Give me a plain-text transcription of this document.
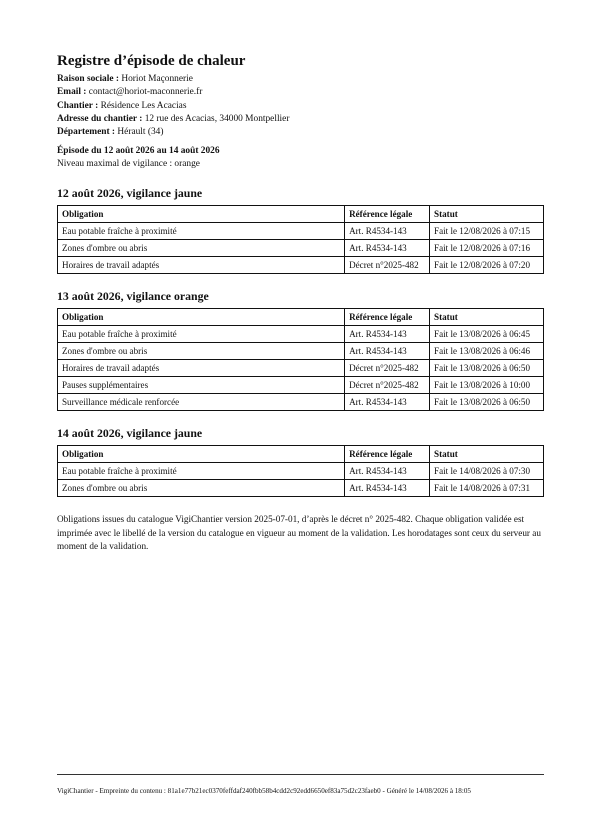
Registre d’épisode de chaleur
Raison sociale : Horiot Maçonnerie
Email : contact@horiot-maconnerie.fr
Chantier : Résidence Les Acacias
Adresse du chantier : 12 rue des Acacias, 34000 Montpellier
Département : Hérault (34)
Épisode du 12 août 2026 au 14 août 2026
Niveau maximal de vigilance : orange
12 août 2026, vigilance jaune
Obligation	Référence légale	Statut
Eau potable fraîche à proximité	Art. R4534-143	Fait le 12/08/2026 à 07:15
Zones d'ombre ou abris	Art. R4534-143	Fait le 12/08/2026 à 07:16
Horaires de travail adaptés	Décret n°2025-482	Fait le 12/08/2026 à 07:20
13 août 2026, vigilance orange
Obligation	Référence légale	Statut
Eau potable fraîche à proximité	Art. R4534-143	Fait le 13/08/2026 à 06:45
Zones d'ombre ou abris	Art. R4534-143	Fait le 13/08/2026 à 06:46
Horaires de travail adaptés	Décret n°2025-482	Fait le 13/08/2026 à 06:50
Pauses supplémentaires	Décret n°2025-482	Fait le 13/08/2026 à 10:00
Surveillance médicale renforcée	Art. R4534-143	Fait le 13/08/2026 à 06:50
14 août 2026, vigilance jaune
Obligation	Référence légale	Statut
Eau potable fraîche à proximité	Art. R4534-143	Fait le 14/08/2026 à 07:30
Zones d'ombre ou abris	Art. R4534-143	Fait le 14/08/2026 à 07:31
Obligations issues du catalogue VigiChantier version 2025-07-01, d’après le décret n° 2025-482. Chaque obligation validée est imprimée avec le libellé de la version du catalogue en vigueur au moment de la validation. Les horodatages sont ceux du serveur au moment de la validation.
VigiChantier - Empreinte du contenu : 81a1e77b21ec0370feffdaf240fbb58b4cdd2c92edd6650ef83a75d2c23faeb0 - Généré le 14/08/2026 à 18:05
